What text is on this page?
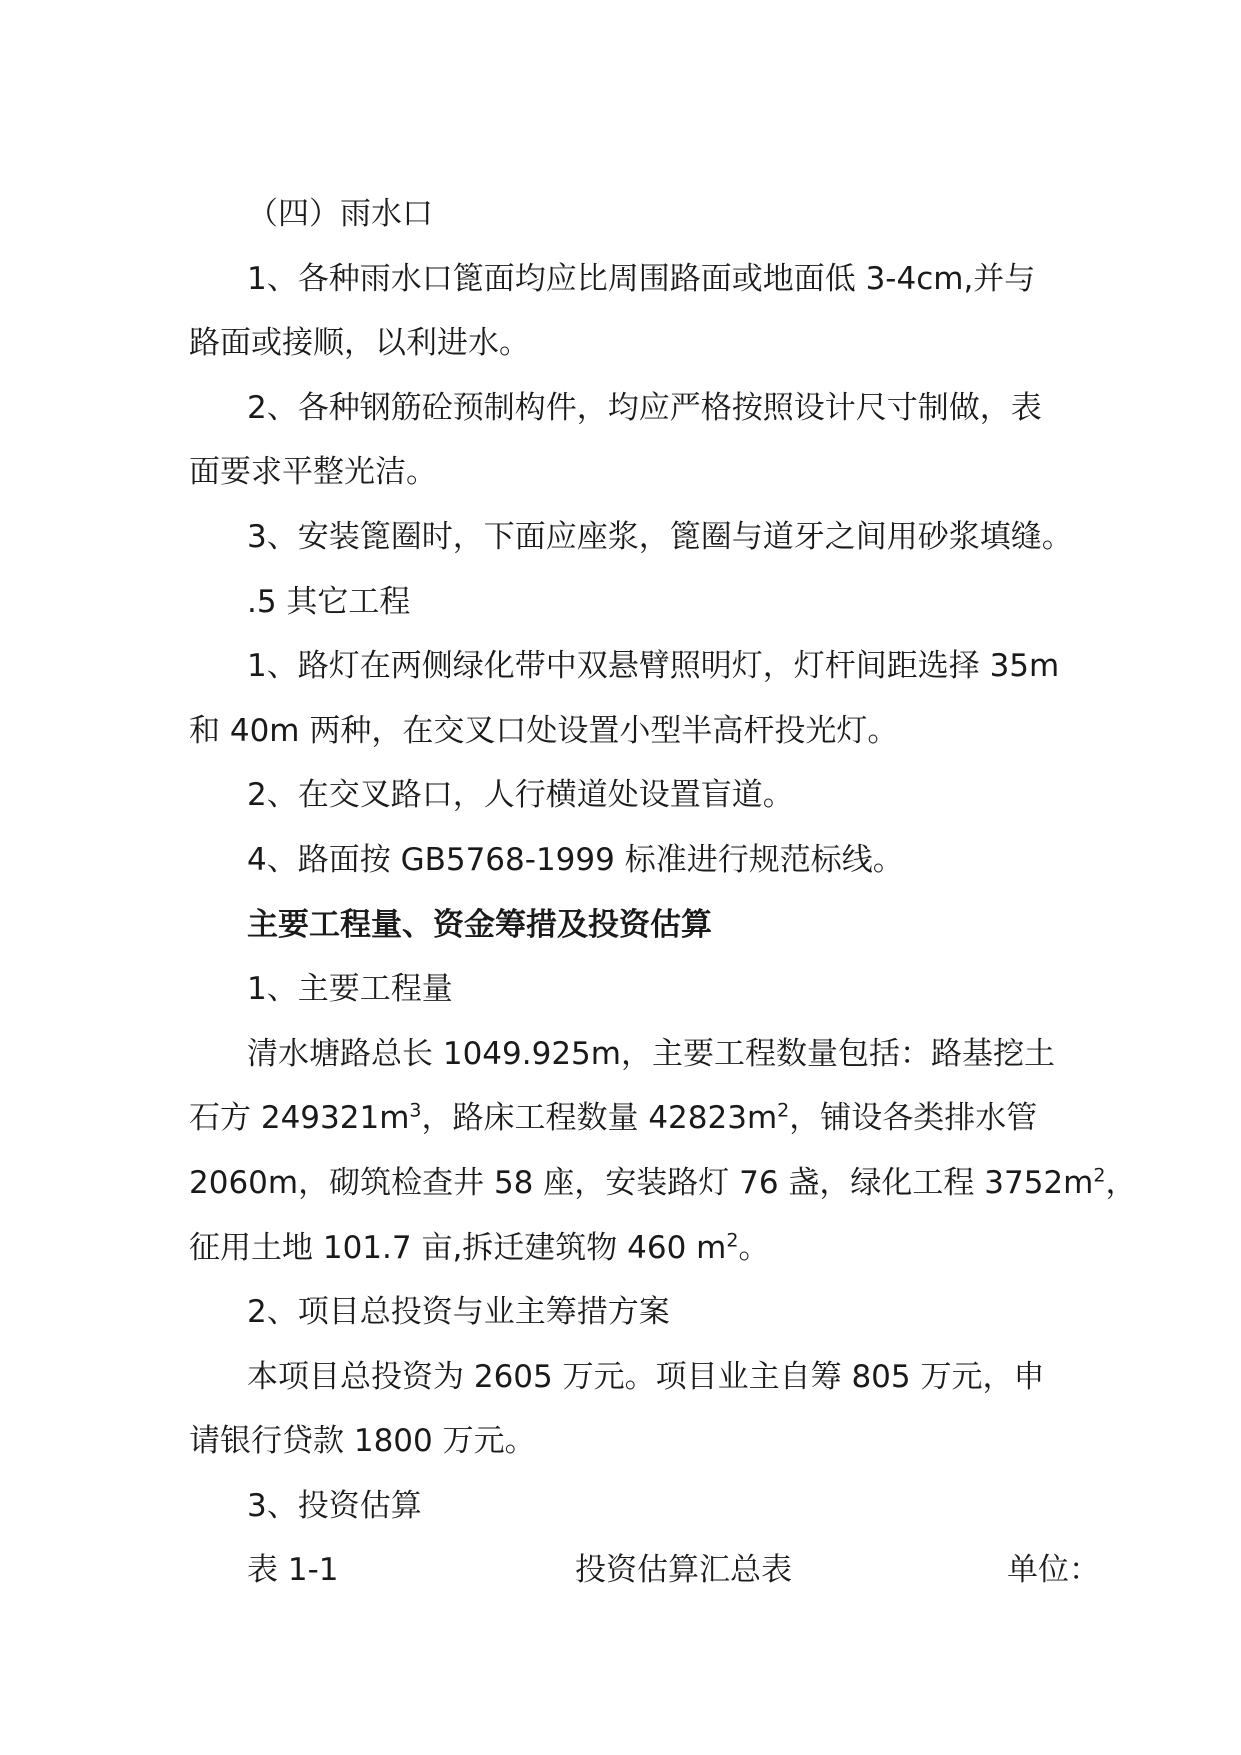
（四）雨水口

1、各种雨水口篦面均应比周围路面或地面低 3-4cm,并与

路面或接顺，以利进水。

2、各种钢筋砼预制构件，均应严格按照设计尺寸制做，表

面要求平整光洁。

3、安装篦圈时，下面应座浆，篦圈与道牙之间用砂浆填缝。

.5 其它工程

1、路灯在两侧绿化带中双悬臂照明灯，灯杆间距选择 35m

和 40m 两种，在交叉口处设置小型半高杆投光灯。

2、在交叉路口，人行横道处设置盲道。

4、路面按 GB5768-1999 标准进行规范标线。

主要工程量、资金筹措及投资估算

1、主要工程量

清水塘路总长 1049.925m，主要工程数量包括：路基挖土

石方 $249321m^3$，路床工程数量 $42823m^2$，铺设各类排水管

2060m，砌筑检查井 58 座，安装路灯 76 盏，绿化工程 $3752m^2$，

征用土地 101.7 亩,拆迁建筑物 460 $m^2$。

2、项目总投资与业主筹措方案

本项目总投资为 2605 万元。项目业主自筹 805 万元，申

请银行贷款 1800 万元。

3、投资估算

表 1-1	投资估算汇总表	单位：
